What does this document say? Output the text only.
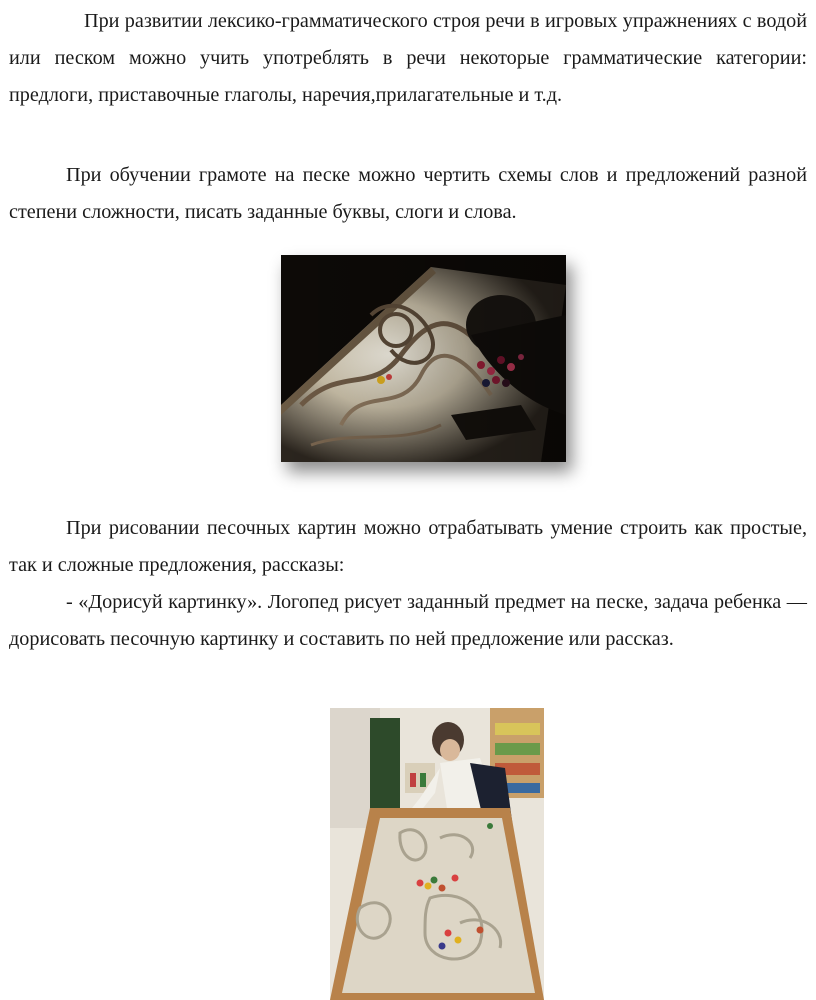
При развитии лексико-грамматического строя речи в игровых упражнениях с водой или песком можно учить употреблять в речи некоторые грамматические категории: предлоги, приставочные глаголы, наречия,прилагательные и т.д.

При обучении грамоте на песке можно чертить схемы слов и предложений разной степени сложности, писать заданные буквы, слоги и слова.

При рисовании песочных картин можно отрабатывать умение строить как простые, так и сложные предложения, рассказы:

- «Дорисуй картинку». Логопед рисует заданный предмет на песке, задача ребенка — дорисовать песочную картинку и составить по ней предложение или рассказ.
